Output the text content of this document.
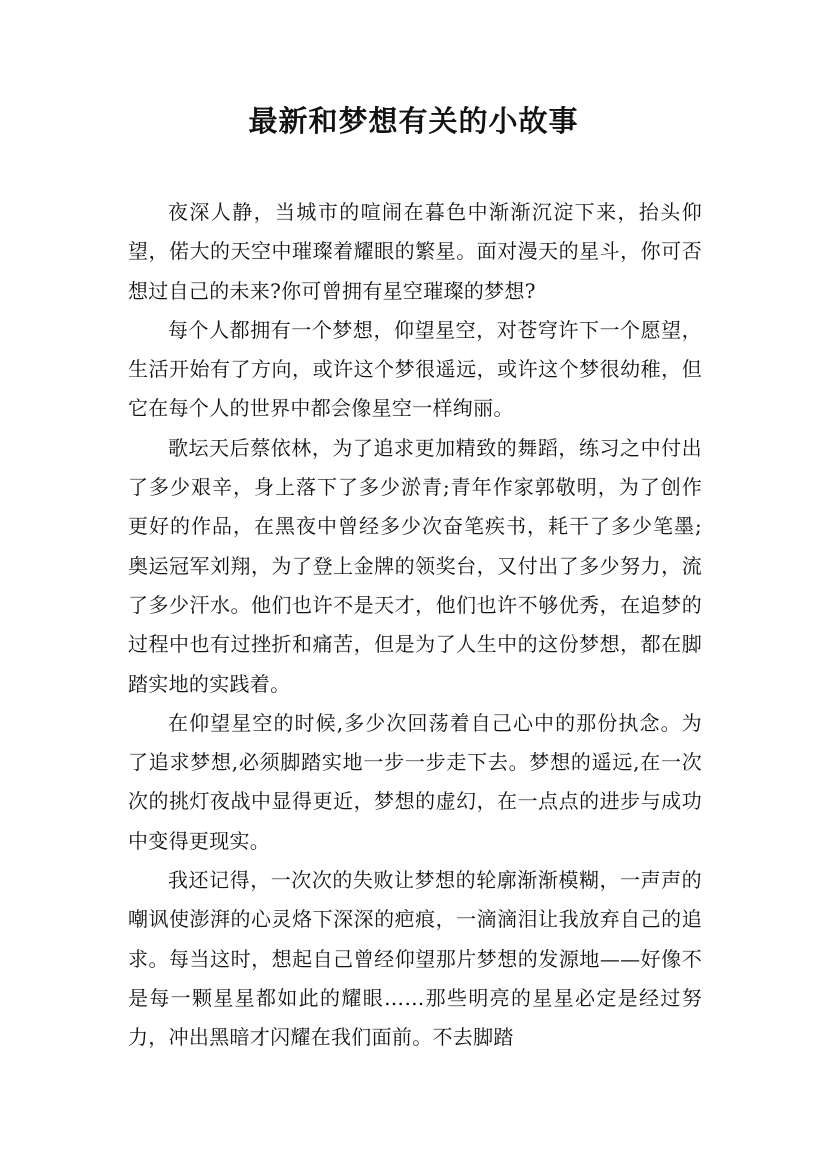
最新和梦想有关的小故事

夜深人静，当城市的喧闹在暮色中渐渐沉淀下来，抬头仰望，偌大的天空中璀璨着耀眼的繁星。面对漫天的星斗，你可否想过自己的未来?你可曾拥有星空璀璨的梦想?

每个人都拥有一个梦想，仰望星空，对苍穹许下一个愿望，生活开始有了方向，或许这个梦很遥远，或许这个梦很幼稚，但它在每个人的世界中都会像星空一样绚丽。

歌坛天后蔡依林，为了追求更加精致的舞蹈，练习之中付出了多少艰辛，身上落下了多少淤青;青年作家郭敬明，为了创作更好的作品，在黑夜中曾经多少次奋笔疾书，耗干了多少笔墨;奥运冠军刘翔，为了登上金牌的领奖台，又付出了多少努力，流了多少汗水。他们也许不是天才，他们也许不够优秀，在追梦的过程中也有过挫折和痛苦，但是为了人生中的这份梦想，都在脚踏实地的实践着。

在仰望星空的时候,多少次回荡着自己心中的那份执念。为了追求梦想,必须脚踏实地一步一步走下去。梦想的遥远,在一次次的挑灯夜战中显得更近，梦想的虚幻，在一点点的进步与成功中变得更现实。

我还记得，一次次的失败让梦想的轮廓渐渐模糊，一声声的嘲讽使澎湃的心灵烙下深深的疤痕，一滴滴泪让我放弃自己的追求。每当这时，想起自己曾经仰望那片梦想的发源地——好像不是每一颗星星都如此的耀眼……那些明亮的星星必定是经过努力，冲出黑暗才闪耀在我们面前。不去脚踏
